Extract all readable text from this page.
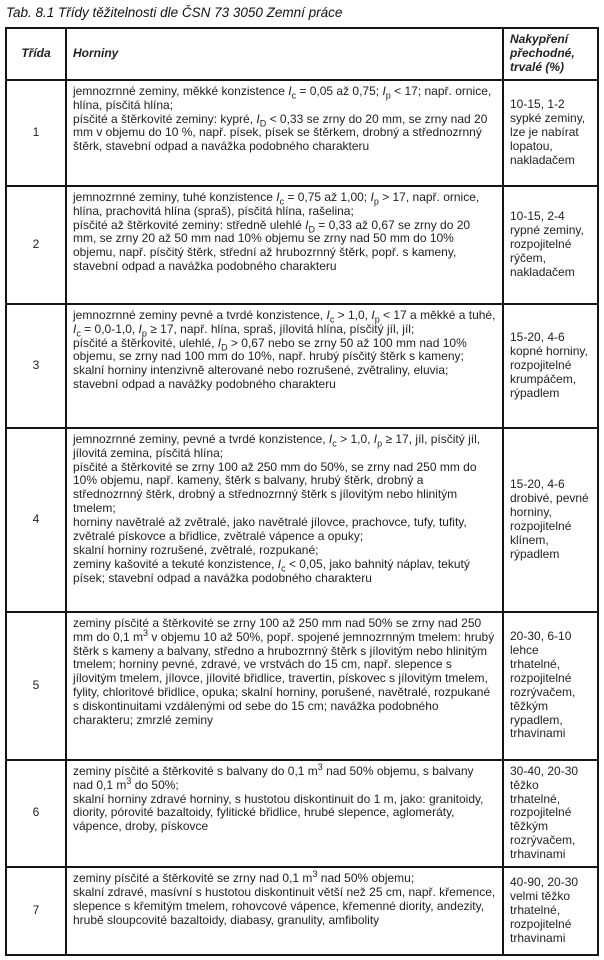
Tab. 8.1 Třídy těžitelnosti dle ČSN 73 3050 Zemní práce
Třída	Horniny	Nakypření přechodné, trvalé (%)
1	jemnozrnné zeminy, měkké konzistence $I_c = 0,05$ až 0,75; $I_p < 17$; např. ornice, hlína, písčitá hlína;
písčité a štěrkovité zeminy: kypré, $I_D < 0,33$ se zrny do 20 mm, se zrny nad 20 mm v objemu do 10 %, např. písek, písek se štěrkem, drobný a střednozrnný štěrk, stavební odpad a navážka podobného charakteru	10-15, 1-2
sypké zeminy, lze je nabírat lopatou, nakladačem
2	jemnozrnné zeminy, tuhé konzistence $I_c = 0,75$ až 1,00; $I_p > 17$, např. ornice, hlína, prachovitá hlína (spraš), písčitá hlína, rašelina;
písčité až štěrkovité zeminy: středně ulehlé $I_D = 0,33$ až 0,67 se zrny do 20 mm, se zrny 20 až 50 mm nad 10% objemu se zrny nad 50 mm do 10% objemu, např. písčitý štěrk, střední až hrubozrnný štěrk, popř. s kameny, stavební odpad a navážka podobného charakteru	10-15, 2-4
rypné zeminy, rozpojitelné rýčem, nakladačem
3	jemnozrnné zeminy pevné a tvrdé konzistence, $I_c > 1,0$, $I_p < 17$ a měkké a tuhé, $I_c = 0,0-1,0$, $I_p \ge 17$, např. hlína, spraš, jílovitá hlína, písčitý jíl, jíl;
písčité a štěrkovité, ulehlé, $I_D > 0,67$ nebo se zrny 50 až 100 mm nad 10% objemu, se zrny nad 100 mm do 10%, např. hrubý písčitý štěrk s kameny;
skalní horniny intenzivně alterované nebo rozrušené, zvětraliny, eluvia;
stavební odpad a navážky podobného charakteru	15-20, 4-6
kopné horniny, rozpojitelné krumpáčem, rýpadlem
4	jemnozrnné zeminy, pevné a tvrdé konzistence, $I_c > 1,0$, $I_p \ge 17$, jíl, písčitý jíl, jílovitá zemina, písčitá hlína;
písčité a štěrkovité se zrny 100 až 250 mm do 50%, se zrny nad 250 mm do 10% objemu, např. kameny, štěrk s balvany, hrubý štěrk, drobný a střednozrnný štěrk, drobný a střednozrnný štěrk s jílovitým nebo hlinitým tmelem;
horniny navětralé až zvětralé, jako navětralé jílovce, prachovce, tufy, tufity, zvětralé pískovce a břidlice, zvětralé vápence a opuky;
skalní horniny rozrušené, zvětralé, rozpukané;
zeminy kašovité a tekuté konzistence, $I_c < 0,05$, jako bahnitý náplav, tekutý písek; stavební odpad a navážka podobného charakteru	15-20, 4-6
drobivé, pevné horniny, rozpojitelné klínem, rýpadlem
5	zeminy písčité a štěrkovité se zrny 100 až 250 mm nad 50% se zrny nad 250 mm do 0,1 $m^3$ v objemu 10 až 50%, popř. spojené jemnozrnným tmelem: hrubý štěrk s kameny a balvany, středno a hrubozrnný štěrk s jílovitým nebo hlinitým tmelem; horniny pevné, zdravé, ve vrstvách do 15 cm, např. slepence s jílovitým tmelem, jílovce, jílovité břidlice, travertin, pískovec s jílovitým tmelem, fylity, chloritové břidlice, opuka; skalní horniny, porušené, navětralé, rozpukané s diskontinuitami vzdálenými od sebe do 15 cm; navážka podobného charakteru; zmrzlé zeminy	20-30, 6-10
lehce trhatelné, rozpojitelné rozrývačem, těžkým rypadlem, trhavinami
6	zeminy písčité a štěrkovité s balvany do 0,1 $m^3$ nad 50% objemu, s balvany nad 0,1 $m^3$ do 50%;
skalní horniny zdravé horniny, s hustotou diskontinuit do 1 m, jako: granitoidy, diority, pórovité bazaltoidy, fylitické břidlice, hrubé slepence, aglomeráty, vápence, droby, pískovce	30-40, 20-30
těžko trhatelné, rozpojitelné těžkým rozrývačem, trhavinami
7	zeminy písčité a štěrkovité se zrny nad 0,1 $m^3$ nad 50% objemu;
skalní zdravé, masívní s hustotou diskontinuit větší než 25 cm, např. křemence, slepence s křemitým tmelem, rohovcové vápence, křemenné diority, andezity, hrubě sloupcovité bazaltoidy, diabasy, granulity, amfibolity	40-90, 20-30
velmi těžko trhatelné, rozpojitelné trhavinami
